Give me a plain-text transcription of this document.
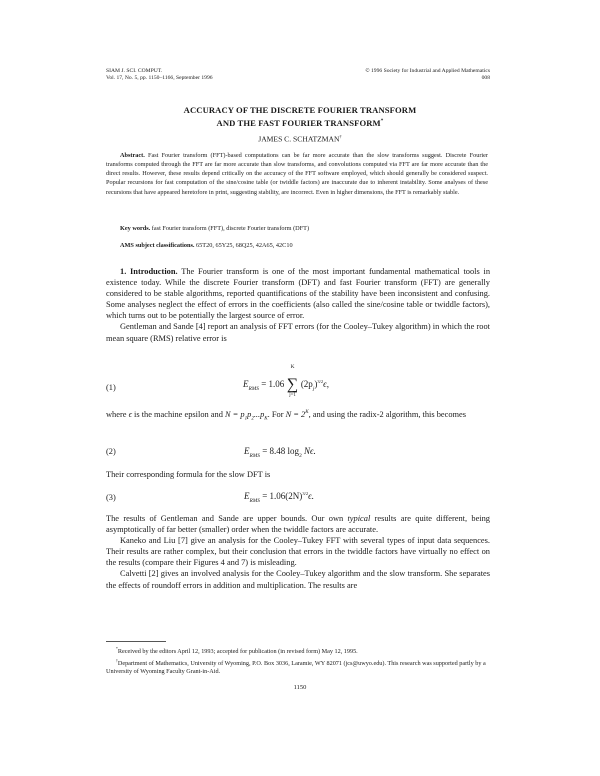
SIAM J. SCI. COMPUT.
Vol. 17, No. 5, pp. 1150–1166, September 1996
© 1996 Society for Industrial and Applied Mathematics
008
ACCURACY OF THE DISCRETE FOURIER TRANSFORM
AND THE FAST FOURIER TRANSFORM*
JAMES C. SCHATZMAN†

Abstract. Fast Fourier transform (FFT)-based computations can be far more accurate than the slow transforms suggest. Discrete Fourier transforms computed through the FFT are far more accurate than slow transforms, and convolutions computed via FFT are far more accurate than the direct results. However, these results depend critically on the accuracy of the FFT software employed, which should generally be considered suspect. Popular recursions for fast computation of the sine/cosine table (or twiddle factors) are inaccurate due to inherent instability. Some analyses of these recursions that have appeared heretofore in print, suggesting stability, are incorrect. Even in higher dimensions, the FFT is remarkably stable.

Key words. fast Fourier transform (FFT), discrete Fourier transform (DFT)
AMS subject classifications. 65T20, 65Y25, 68Q25, 42A65, 42C10

1. Introduction. The Fourier transform is one of the most important fundamental mathematical tools in existence today. While the discrete Fourier transform (DFT) and fast Fourier transform (FFT) are generally considered to be stable algorithms, reported quantifications of the stability have been inconsistent and confusing. Some analyses neglect the effect of errors in the coefficients (also called the sine/cosine table or twiddle factors), which turns out to be potentially the largest source of error.

Gentleman and Sande [4] report an analysis of FFT errors (for the Cooley–Tukey algorithm) in which the root mean square (RMS) relative error is

(1)	$E_{RMS} = 1.06$
K
∑
j=1
$(2p_j)^{3/2}\epsilon$,
where ϵ is the machine epsilon and $N = p_1p_2...p_K$. For $N = 2^K$, and using the radix-2 algorithm, this becomes
(2)	$E_{RMS} = 8.48$ $\log_2 N\epsilon$.
Their corresponding formula for the slow DFT is
(3)	$E_{RMS} = 1.06(2N)^{3/2}\epsilon$.
The results of Gentleman and Sande are upper bounds. Our own typical results are quite different, being asymptotically of far better (smaller) order when the twiddle factors are accurate.

Kaneko and Liu [7] give an analysis for the Cooley–Tukey FFT with several types of input data sequences. Their results are rather complex, but their conclusion that errors in the twiddle factors have virtually no effect on the results (compare their Figures 4 and 7) is misleading.

Calvetti [2] gives an involved analysis for the Cooley–Tukey algorithm and the slow transform. She separates the effects of roundoff errors in addition and multiplication. The results are

*Received by the editors April 12, 1993; accepted for publication (in revised form) May 12, 1995.

†Department of Mathematics, University of Wyoming, P.O. Box 3036, Laramie, WY 82071 (jcs@uwyo.edu). This research was supported partly by a University of Wyoming Faculty Grant-in-Aid.

1150
